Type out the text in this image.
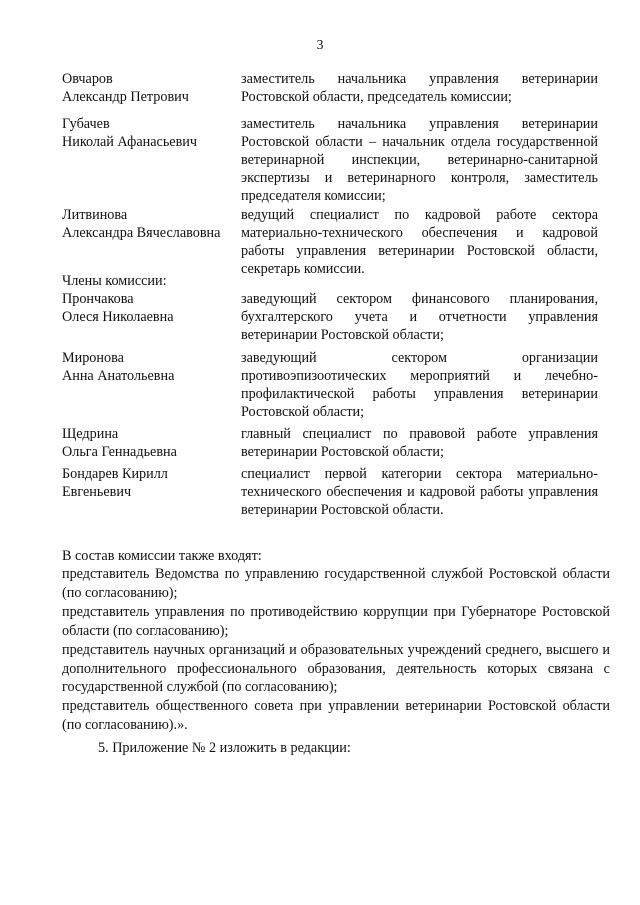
3
Овчаров
Александр Петрович
заместитель начальника управления ветеринарии Ростовской области, председатель комиссии;
Губачев
Николай Афанасьевич
заместитель начальника управления ветеринарии Ростовской области – начальник отдела государственной ветеринарной инспекции, ветеринарно-санитарной экспертизы и ветеринарного контроля, заместитель председателя комиссии;
Литвинова
Александра Вячеславовна
ведущий специалист по кадровой работе сектора материально-технического обеспечения и кадровой работы управления ветеринарии Ростовской области, секретарь комиссии.
Члены комиссии:
Прончакова
Олеся Николаевна
заведующий сектором финансового планирования, бухгалтерского учета и отчетности управления ветеринарии Ростовской области;
Миронова
Анна Анатольевна
заведующий сектором организации противоэпизоотических мероприятий и лечебно-профилактической работы управления ветеринарии Ростовской области;
Щедрина
Ольга Геннадьевна
главный специалист по правовой работе управления ветеринарии Ростовской области;
Бондарев Кирилл
Евгеньевич
специалист первой категории сектора материально-технического обеспечения и кадровой работы управления ветеринарии Ростовской области.
В состав комиссии также входят:
представитель Ведомства по управлению государственной службой Ростовской области (по согласованию);
представитель управления по противодействию коррупции при Губернаторе Ростовской области (по согласованию);
представитель научных организаций и образовательных учреждений среднего, высшего и дополнительного профессионального образования, деятельность которых связана с государственной службой (по согласованию);
представитель общественного совета при управлении ветеринарии Ростовской области (по согласованию).».
5. Приложение № 2 изложить в редакции:
